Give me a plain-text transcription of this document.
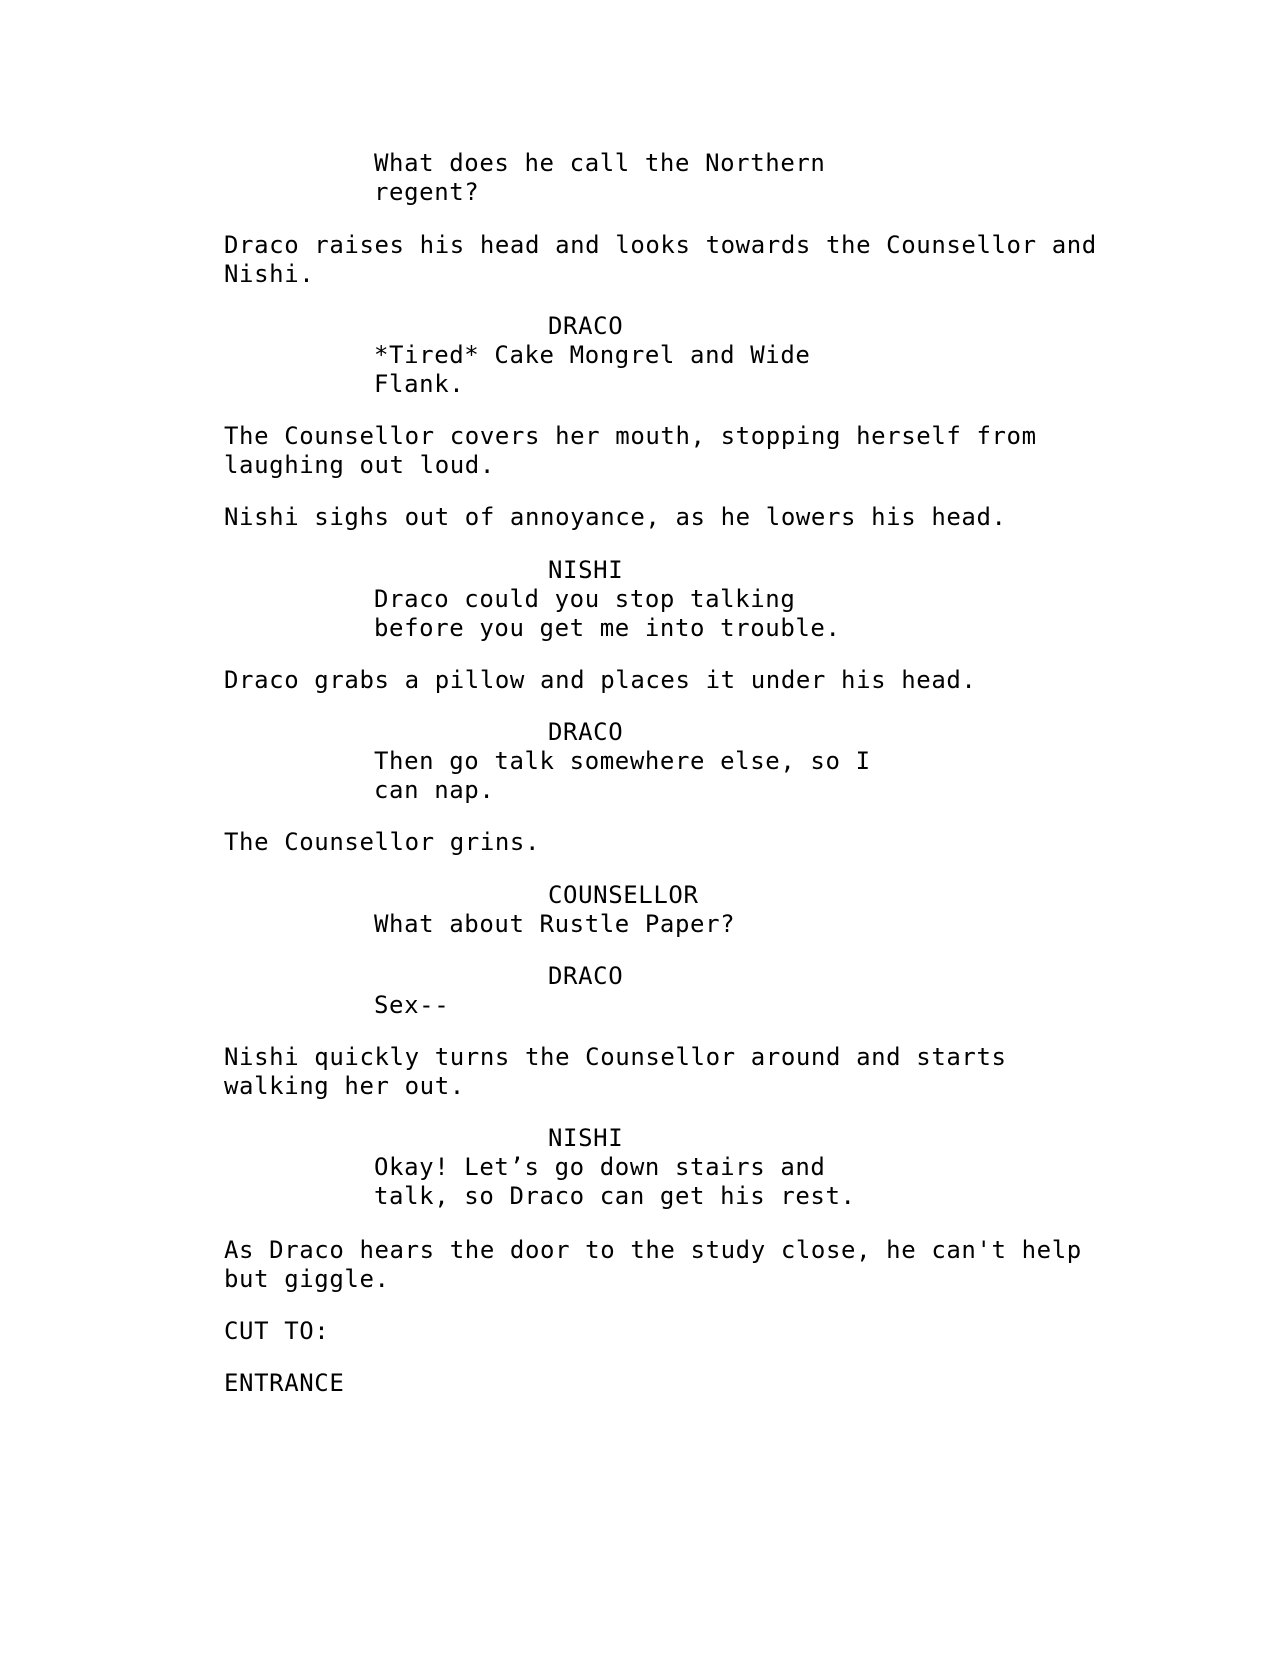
What does he call the Northern

regent?

Draco raises his head and looks towards the Counsellor and

Nishi.

DRACO

*Tired* Cake Mongrel and Wide

Flank.

The Counsellor covers her mouth, stopping herself from

laughing out loud.

Nishi sighs out of annoyance, as he lowers his head.

NISHI

Draco could you stop talking

before you get me into trouble.

Draco grabs a pillow and places it under his head.

DRACO

Then go talk somewhere else, so I

can nap.

The Counsellor grins.

COUNSELLOR

What about Rustle Paper?

DRACO

Sex--

Nishi quickly turns the Counsellor around and starts

walking her out.

NISHI

Okay! Let’s go down stairs and

talk, so Draco can get his rest.

As Draco hears the door to the study close, he can't help

but giggle.

CUT TO:

ENTRANCE
